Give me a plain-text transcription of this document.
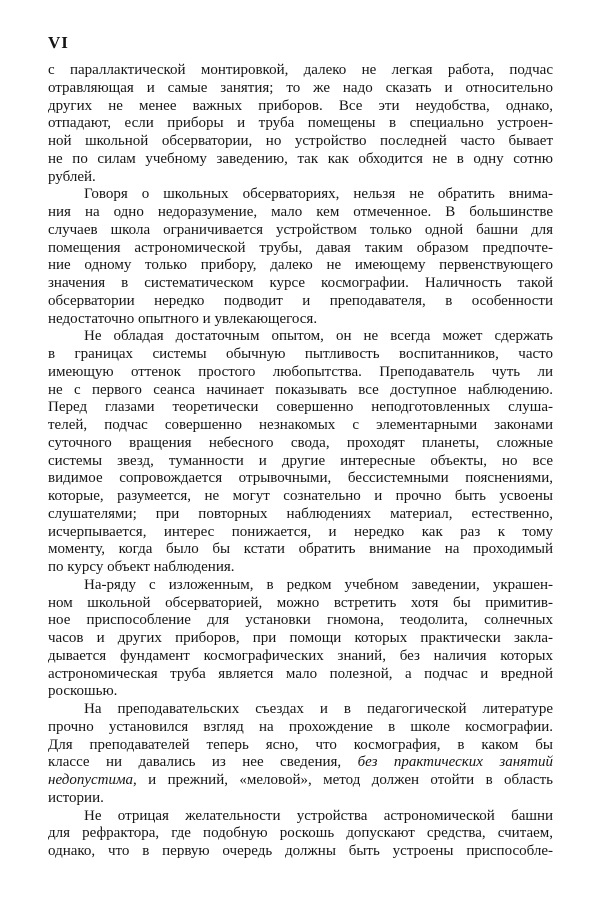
VI
с параллактической монтировкой, далеко не легкая работа, подчас
отравляющая и самые занятия; то же надо сказать и относительно
других не менее важных приборов. Все эти неудобства, однако,
отпадают, если приборы и труба помещены в специально устроен-
ной школьной обсерватории, но устройство последней часто бывает
не по силам учебному заведению, так как обходится не в одну сотню
рублей.
Говоря о школьных обсерваториях, нельзя не обратить внима-
ния на одно недоразумение, мало кем отмеченное. В большинстве
случаев школа ограничивается устройством только одной башни для
помещения астрономической трубы, давая таким образом предпочте-
ние одному только прибору, далеко не имеющему первенствующего
значения в систематическом курсе космографии. Наличность такой
обсерватории нередко подводит и преподавателя, в особенности
недостаточно опытного и увлекающегося.
Не обладая достаточным опытом, он не всегда может сдержать
в границах системы обычную пытливость воспитанников, часто
имеющую оттенок простого любопытства. Преподаватель чуть ли
не с первого сеанса начинает показывать все доступное наблюдению.
Перед глазами теоретически совершенно неподготовленных слуша-
телей, подчас совершенно незнакомых с элементарными законами
суточного вращения небесного свода, проходят планеты, сложные
системы звезд, туманности и другие интересные объекты, но все
видимое сопровождается отрывочными, бессистемными пояснениями,
которые, разумеется, не могут сознательно и прочно быть усвоены
слушателями; при повторных наблюдениях материал, естественно,
исчерпывается, интерес понижается, и нередко как раз к тому
моменту, когда было бы кстати обратить внимание на проходимый
по курсу объект наблюдения.
На-ряду с изложенным, в редком учебном заведении, украшен-
ном школьной обсерваторией, можно встретить хотя бы примитив-
ное приспособление для установки гномона, теодолита, солнечных
часов и других приборов, при помощи которых практически закла-
дывается фундамент космографических знаний, без наличия которых
астрономическая труба является мало полезной, а подчас и вредной
роскошью.
На преподавательских съездах и в педагогической литературе
прочно установился взгляд на прохождение в школе космографии.
Для преподавателей теперь ясно, что космография, в каком бы
классе ни давались из нее сведения, без практических занятий
недопустима, и прежний, «меловой», метод должен отойти в область
истории.
Не отрицая желательности устройства астрономической башни
для рефрактора, где подобную роскошь допускают средства, считаем,
однако, что в первую очередь должны быть устроены приспособле-
